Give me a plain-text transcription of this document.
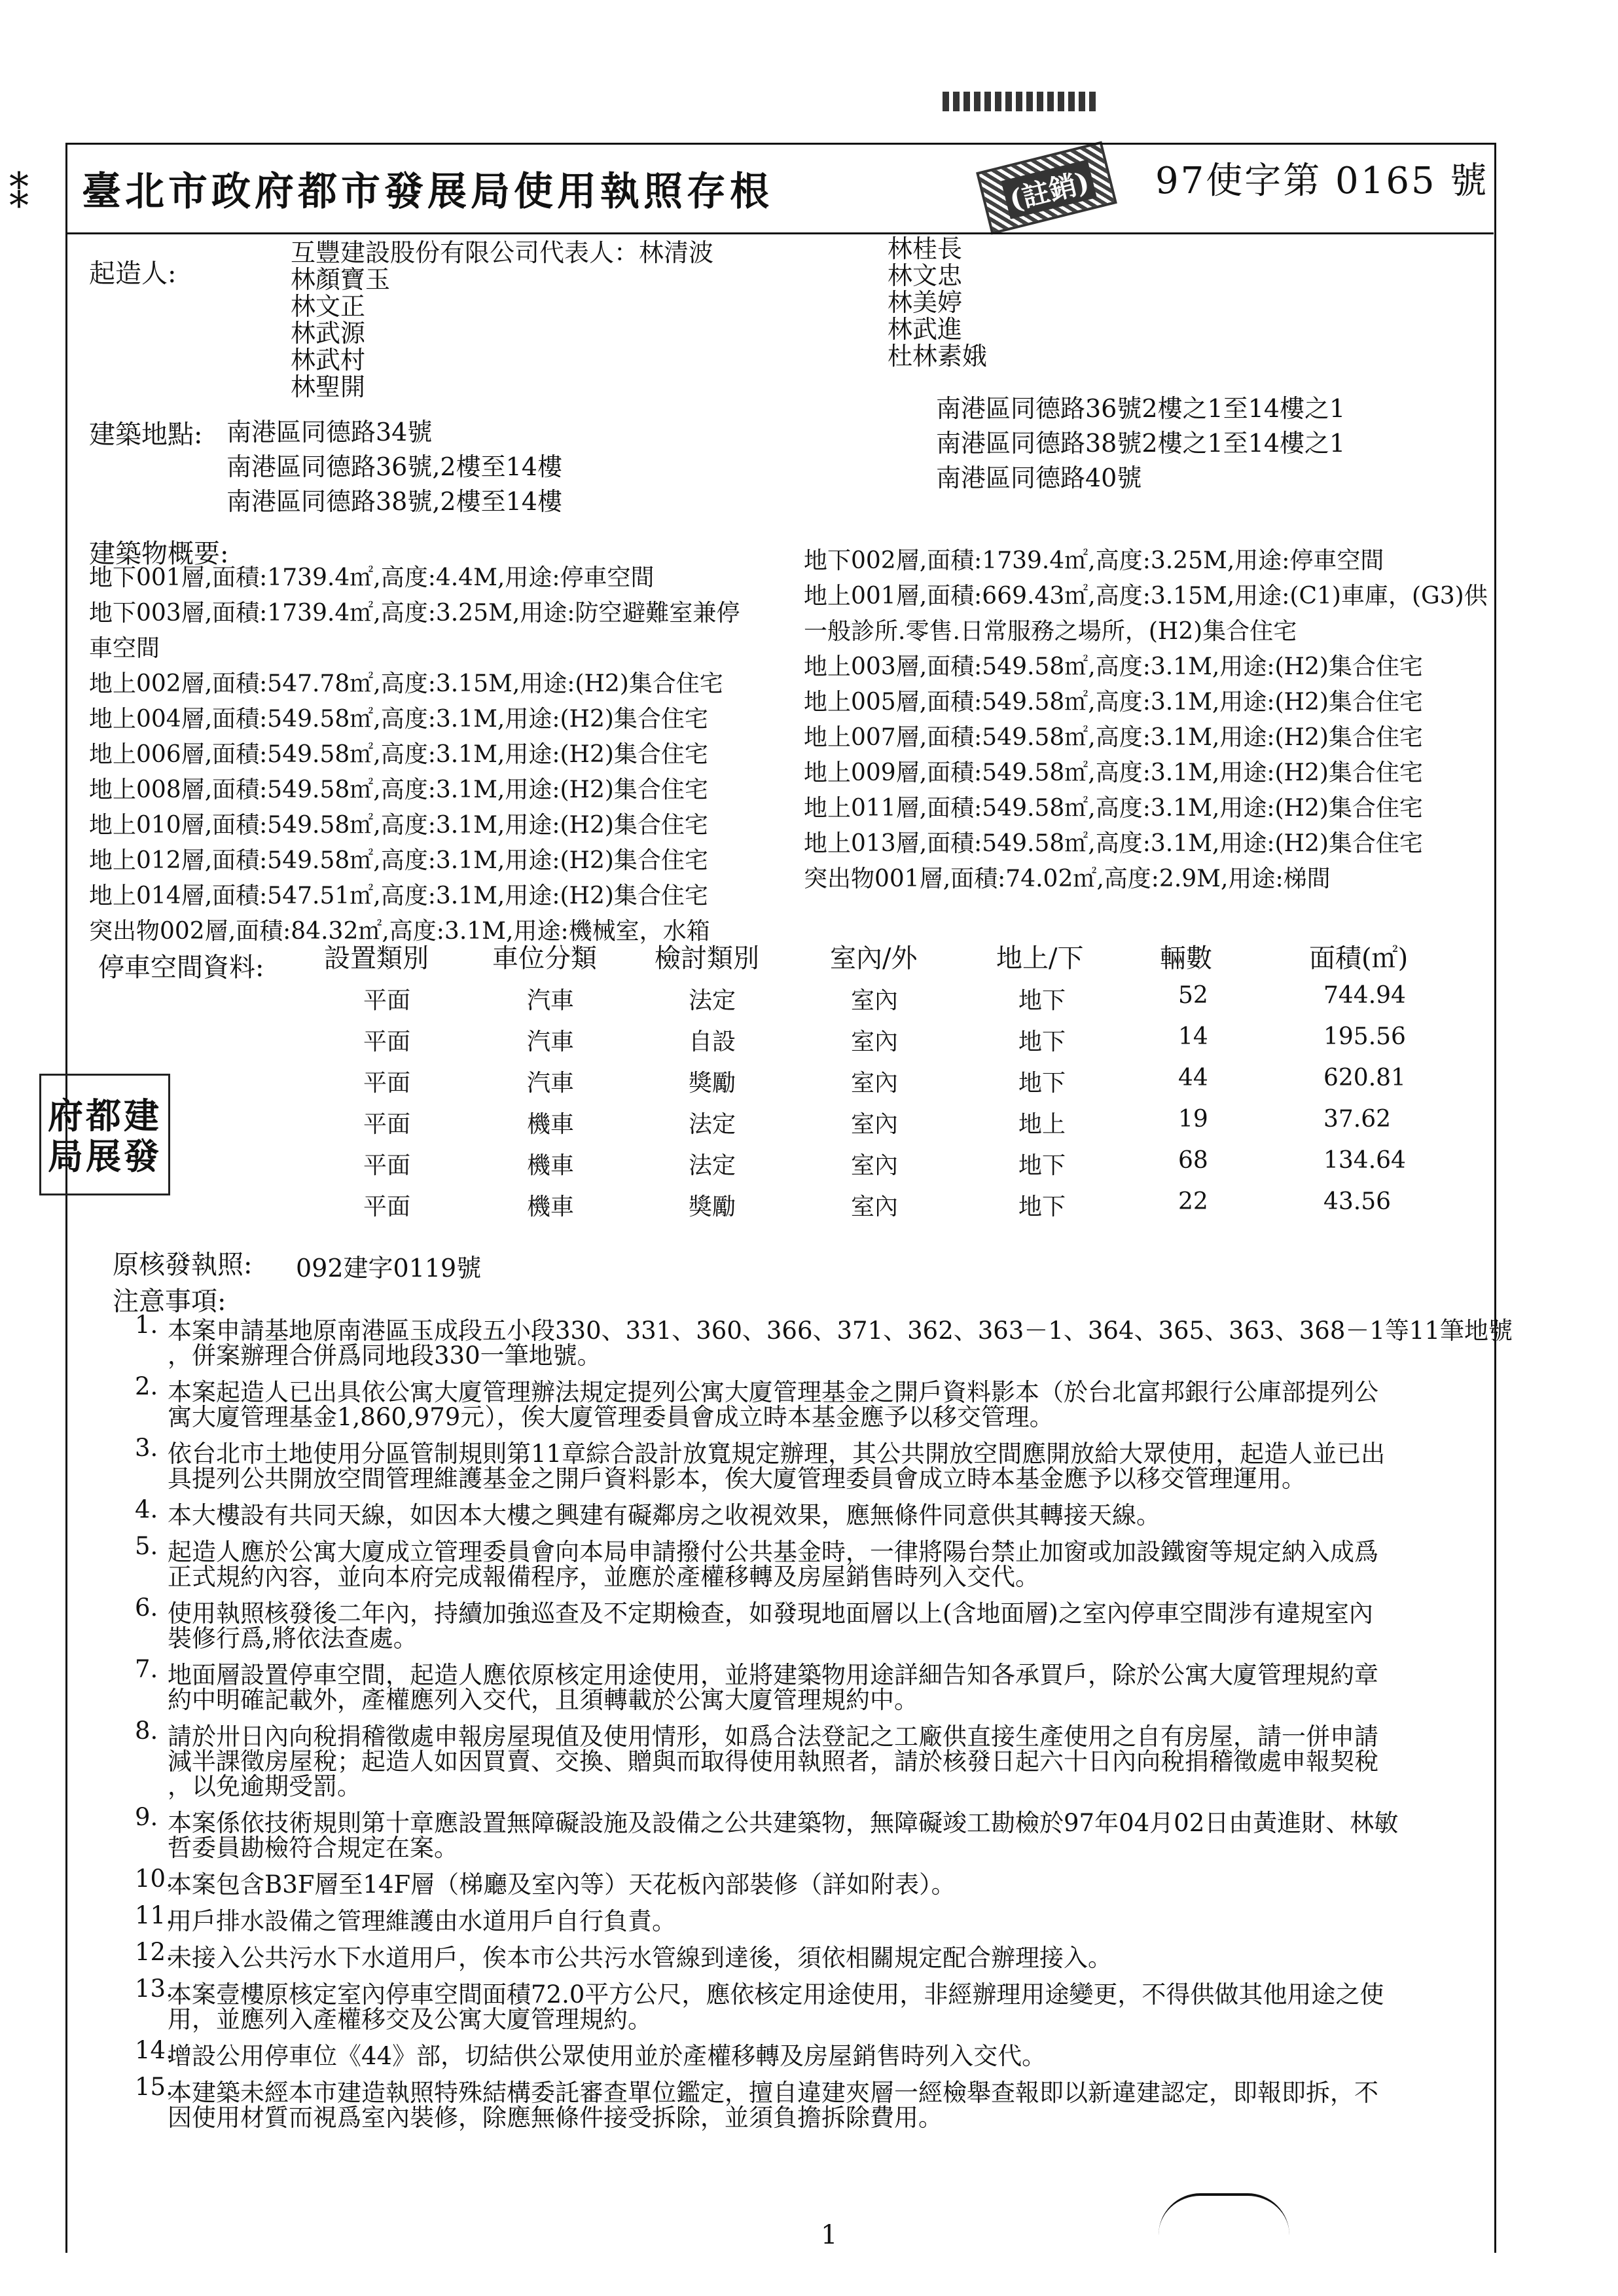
⁑ 臺北市政府都市發展局使用執照存根	(註銷) 97使字第 0165 號
起造人:
互豐建設股份有限公司代表人：林清波
林顏寶玉
林文正
林武源
林武村
林聖開
林桂長
林文忠
林美婷
林武進
杜林素娥
建築地點: 南港區同德路34號
南港區同德路36號,2樓至14樓
南港區同德路38號,2樓至14樓
南港區同德路36號2樓之1至14樓之1
南港區同德路38號2樓之1至14樓之1
南港區同德路40號
建築物概要:
地下001層,面積:1739.4㎡,高度:4.4M,用途:停車空間
地下003層,面積:1739.4㎡,高度:3.25M,用途:防空避難室兼停
車空間
地上002層,面積:547.78㎡,高度:3.15M,用途:(H2)集合住宅
地上004層,面積:549.58㎡,高度:3.1M,用途:(H2)集合住宅
地上006層,面積:549.58㎡,高度:3.1M,用途:(H2)集合住宅
地上008層,面積:549.58㎡,高度:3.1M,用途:(H2)集合住宅
地上010層,面積:549.58㎡,高度:3.1M,用途:(H2)集合住宅
地上012層,面積:549.58㎡,高度:3.1M,用途:(H2)集合住宅
地上014層,面積:547.51㎡,高度:3.1M,用途:(H2)集合住宅
突出物002層,面積:84.32㎡,高度:3.1M,用途:機械室，水箱
地下002層,面積:1739.4㎡,高度:3.25M,用途:停車空間
地上001層,面積:669.43㎡,高度:3.15M,用途:(C1)車庫，(G3)供
一般診所.零售.日常服務之場所，(H2)集合住宅
地上003層,面積:549.58㎡,高度:3.1M,用途:(H2)集合住宅
地上005層,面積:549.58㎡,高度:3.1M,用途:(H2)集合住宅
地上007層,面積:549.58㎡,高度:3.1M,用途:(H2)集合住宅
地上009層,面積:549.58㎡,高度:3.1M,用途:(H2)集合住宅
地上011層,面積:549.58㎡,高度:3.1M,用途:(H2)集合住宅
地上013層,面積:549.58㎡,高度:3.1M,用途:(H2)集合住宅
突出物001層,面積:74.02㎡,高度:2.9M,用途:梯間
停車空間資料: 設置類別 車位分類 檢討類別	室內/外	地上/下	輛數	面積(㎡)
平面	汽車	法定	室內	地下	52	744.94
平面	汽車	自設	室內	地下	14	195.56
平面	汽車	獎勵	室內	地下	44	620.81
平面	機車	法定	室內	地上	19	37.62
平面	機車	法定	室內	地下	68	134.64
平面	機車	獎勵	室內	地下	22	43.56
府都建 局展發
原核發執照: 092建字0119號
注意事項:
1. 本案申請基地原南港區玉成段五小段330、331、360、366、371、362、363－1、364、365、363、368－1等11筆地號
，併案辦理合併爲同地段330一筆地號。
2. 本案起造人已出具依公寓大廈管理辦法規定提列公寓大廈管理基金之開戶資料影本（於台北富邦銀行公庫部提列公
寓大廈管理基金1,860,979元），俟大廈管理委員會成立時本基金應予以移交管理。
3. 依台北市土地使用分區管制規則第11章綜合設計放寬規定辦理，其公共開放空間應開放給大眾使用，起造人並已出
具提列公共開放空間管理維護基金之開戶資料影本，俟大廈管理委員會成立時本基金應予以移交管理運用。
4. 本大樓設有共同天線，如因本大樓之興建有礙鄰房之收視效果，應無條件同意供其轉接天線。
5. 起造人應於公寓大廈成立管理委員會向本局申請撥付公共基金時，一律將陽台禁止加窗或加設鐵窗等規定納入成爲
正式規約內容，並向本府完成報備程序，並應於產權移轉及房屋銷售時列入交代。
6. 使用執照核發後二年內，持續加強巡查及不定期檢查，如發現地面層以上(含地面層)之室內停車空間涉有違規室內
裝修行爲,將依法查處。
7. 地面層設置停車空間，起造人應依原核定用途使用，並將建築物用途詳細告知各承買戶，除於公寓大廈管理規約章
約中明確記載外，產權應列入交代，且須轉載於公寓大廈管理規約中。
8. 請於卅日內向稅捐稽徵處申報房屋現值及使用情形，如爲合法登記之工廠供直接生產使用之自有房屋，請一併申請
減半課徵房屋稅；起造人如因買賣、交換、贈與而取得使用執照者，請於核發日起六十日內向稅捐稽徵處申報契稅
，以免逾期受罰。
9. 本案係依技術規則第十章應設置無障礙設施及設備之公共建築物，無障礙竣工勘檢於97年04月02日由黃進財、林敏
哲委員勘檢符合規定在案。
10.
本案包含B3F層至14F層（梯廳及室內等）天花板內部裝修（詳如附表）。
11.
用戶排水設備之管理維護由水道用戶自行負責。
12.
未接入公共污水下水道用戶，俟本市公共污水管線到達後，須依相關規定配合辦理接入。
13.
本案壹樓原核定室內停車空間面積72.0平方公尺，應依核定用途使用，非經辦理用途變更，不得供做其他用途之使
用，並應列入產權移交及公寓大廈管理規約。
14.
增設公用停車位《44》部，切結供公眾使用並於產權移轉及房屋銷售時列入交代。
15.
本建築未經本市建造執照特殊結構委託審查單位鑑定，擅自違建夾層一經檢舉查報即以新違建認定，即報即拆，不
因使用材質而視爲室內裝修，除應無條件接受拆除，並須負擔拆除費用。
1
